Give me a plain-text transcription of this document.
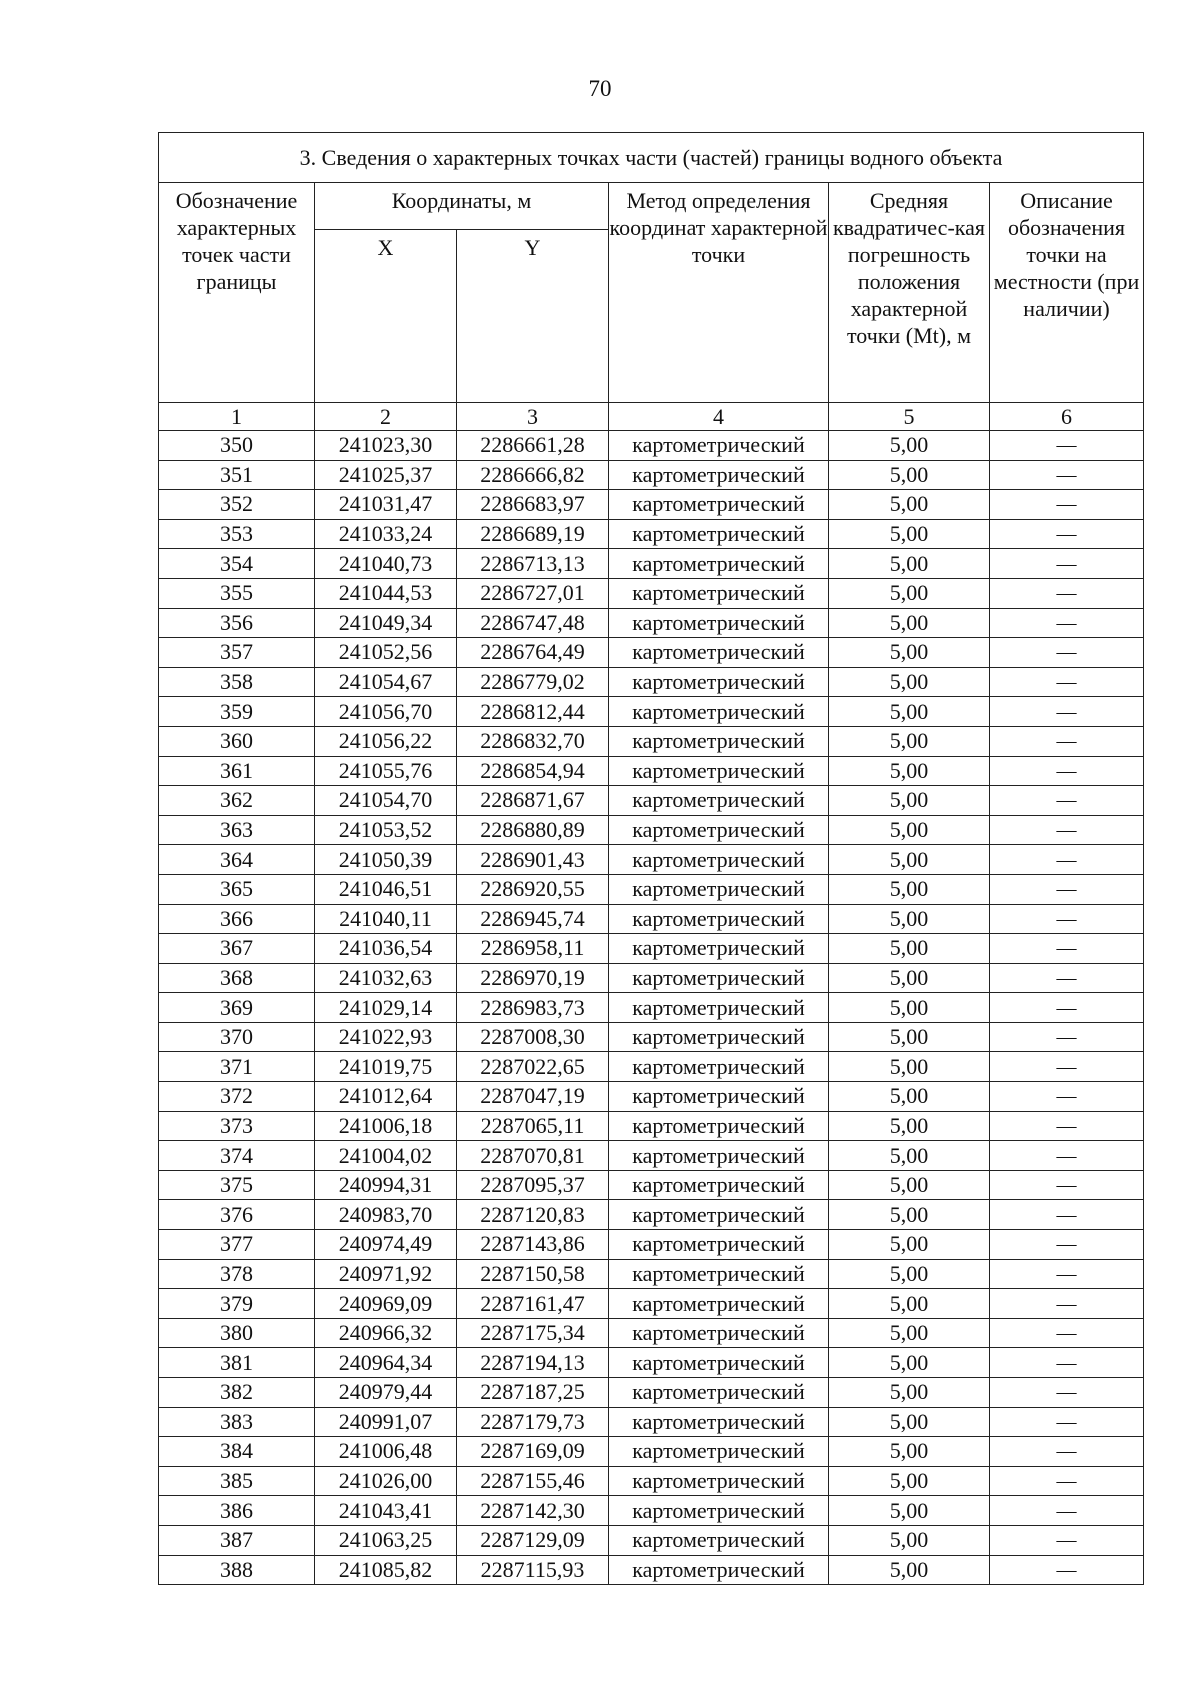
70
3. Сведения о характерных точках части (частей) границы водного объекта					
Обозначение характерных точек части границы	Координаты, м		Метод определения координат характерной точки	Средняя квадратичес-кая погрешность положения характерной точки (Mt), м	Описание обозначения точки на местности (при наличии)
	X	Y			
1	2	3	4	5	6
350	241023,30	2286661,28	картометрический	5,00	—
351	241025,37	2286666,82	картометрический	5,00	—
352	241031,47	2286683,97	картометрический	5,00	—
353	241033,24	2286689,19	картометрический	5,00	—
354	241040,73	2286713,13	картометрический	5,00	—
355	241044,53	2286727,01	картометрический	5,00	—
356	241049,34	2286747,48	картометрический	5,00	—
357	241052,56	2286764,49	картометрический	5,00	—
358	241054,67	2286779,02	картометрический	5,00	—
359	241056,70	2286812,44	картометрический	5,00	—
360	241056,22	2286832,70	картометрический	5,00	—
361	241055,76	2286854,94	картометрический	5,00	—
362	241054,70	2286871,67	картометрический	5,00	—
363	241053,52	2286880,89	картометрический	5,00	—
364	241050,39	2286901,43	картометрический	5,00	—
365	241046,51	2286920,55	картометрический	5,00	—
366	241040,11	2286945,74	картометрический	5,00	—
367	241036,54	2286958,11	картометрический	5,00	—
368	241032,63	2286970,19	картометрический	5,00	—
369	241029,14	2286983,73	картометрический	5,00	—
370	241022,93	2287008,30	картометрический	5,00	—
371	241019,75	2287022,65	картометрический	5,00	—
372	241012,64	2287047,19	картометрический	5,00	—
373	241006,18	2287065,11	картометрический	5,00	—
374	241004,02	2287070,81	картометрический	5,00	—
375	240994,31	2287095,37	картометрический	5,00	—
376	240983,70	2287120,83	картометрический	5,00	—
377	240974,49	2287143,86	картометрический	5,00	—
378	240971,92	2287150,58	картометрический	5,00	—
379	240969,09	2287161,47	картометрический	5,00	—
380	240966,32	2287175,34	картометрический	5,00	—
381	240964,34	2287194,13	картометрический	5,00	—
382	240979,44	2287187,25	картометрический	5,00	—
383	240991,07	2287179,73	картометрический	5,00	—
384	241006,48	2287169,09	картометрический	5,00	—
385	241026,00	2287155,46	картометрический	5,00	—
386	241043,41	2287142,30	картометрический	5,00	—
387	241063,25	2287129,09	картометрический	5,00	—
388	241085,82	2287115,93	картометрический	5,00	—
